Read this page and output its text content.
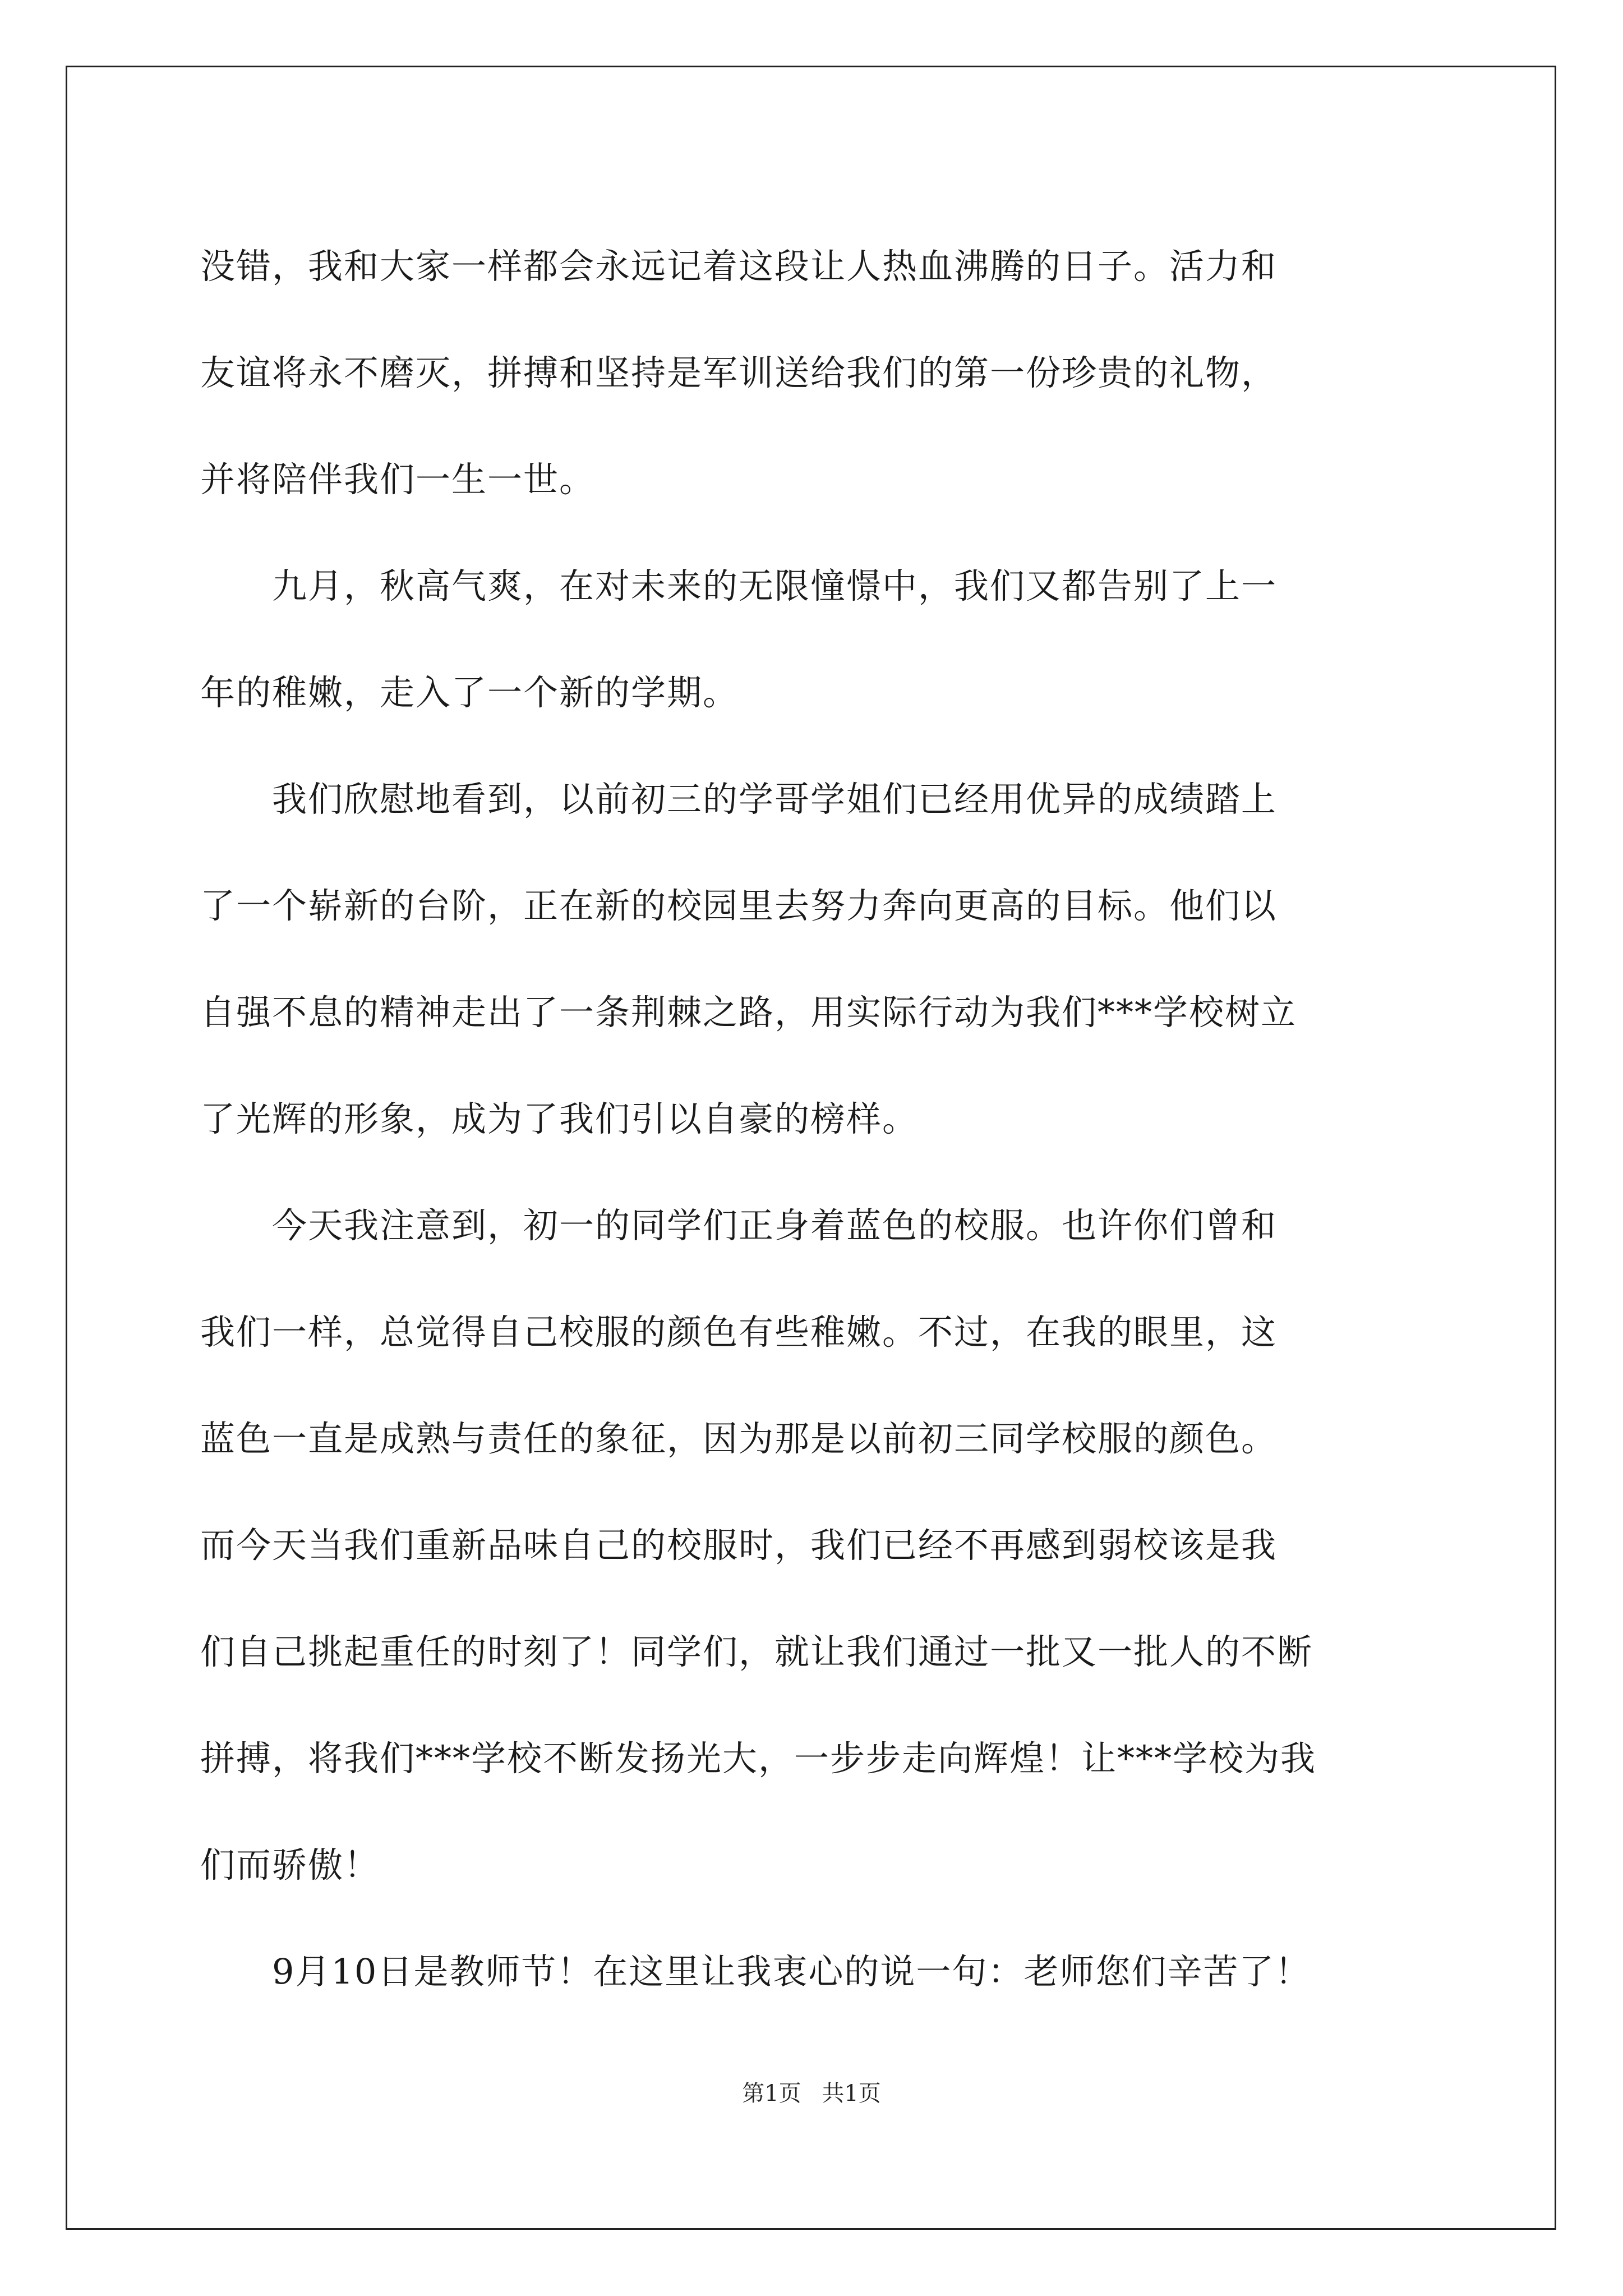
没错，我和大家一样都会永远记着这段让人热血沸腾的日子。活力和

友谊将永不磨灭，拼搏和坚持是军训送给我们的第一份珍贵的礼物，

并将陪伴我们一生一世。

　　九月，秋高气爽，在对未来的无限憧憬中，我们又都告别了上一

年的稚嫩，走入了一个新的学期。

　　我们欣慰地看到，以前初三的学哥学姐们已经用优异的成绩踏上

了一个崭新的台阶，正在新的校园里去努力奔向更高的目标。他们以

自强不息的精神走出了一条荆棘之路，用实际行动为我们***学校树立

了光辉的形象，成为了我们引以自豪的榜样。

　　今天我注意到，初一的同学们正身着蓝色的校服。也许你们曾和

我们一样，总觉得自己校服的颜色有些稚嫩。不过，在我的眼里，这

蓝色一直是成熟与责任的象征，因为那是以前初三同学校服的颜色。

而今天当我们重新品味自己的校服时，我们已经不再感到弱校该是我

们自己挑起重任的时刻了！同学们，就让我们通过一批又一批人的不断

拼搏，将我们***学校不断发扬光大，一步步走向辉煌！让***学校为我

们而骄傲！

　　9月10日是教师节！在这里让我衷心的说一句：老师您们辛苦了！

第1页 共1页
